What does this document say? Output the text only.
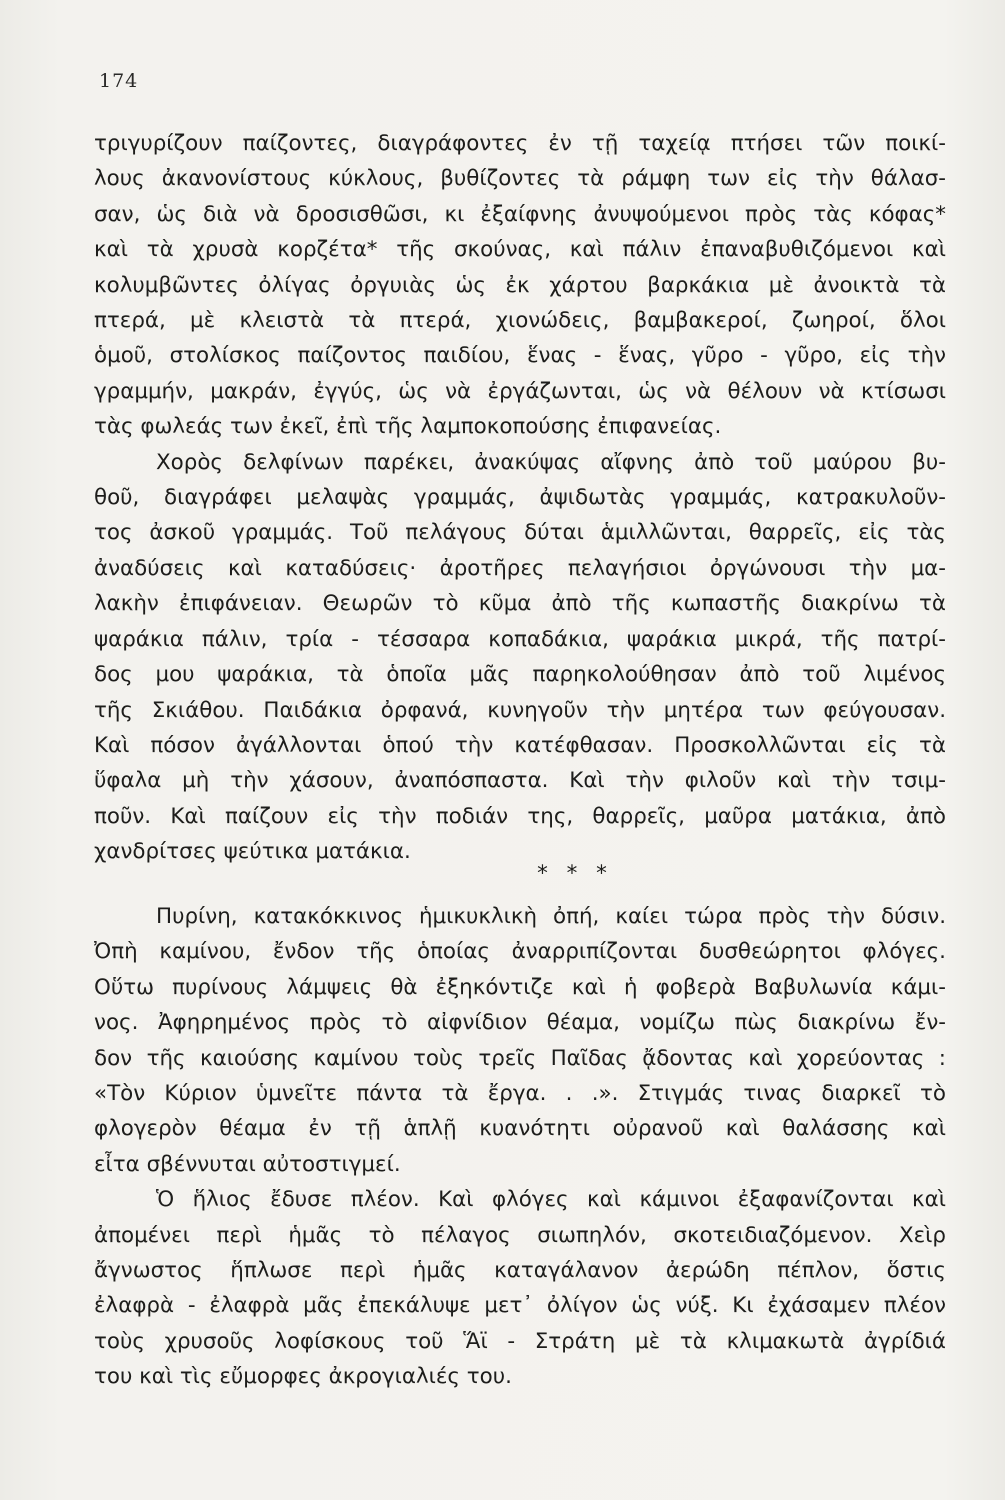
174
τριγυρίζουν παίζοντες, διαγράφοντες ἐν τῇ ταχείᾳ πτήσει τῶν ποικί-
λους ἀκανονίστους κύκλους, βυθίζοντες τὰ ράμφη των εἰς τὴν θάλασ-
σαν, ὡς διὰ νὰ δροσισθῶσι, κι ἐξαίφνης ἀνυψούμενοι πρὸς τὰς κόφας*
καὶ τὰ χρυσὰ κορζέτα* τῆς σκούνας, καὶ πάλιν ἐπαναβυθιζόμενοι καὶ
κολυμβῶντες ὀλίγας ὀργυιὰς ὡς ἐκ χάρτου βαρκάκια μὲ ἀνοικτὰ τὰ
πτερά, μὲ κλειστὰ τὰ πτερά, χιονώδεις, βαμβακεροί, ζωηροί, ὅλοι
ὁμοῦ, στολίσκος παίζοντος παιδίου, ἕνας - ἕνας, γῦρο - γῦρο, εἰς τὴν
γραμμήν, μακράν, ἐγγύς, ὡς νὰ ἐργάζωνται, ὡς νὰ θέλουν νὰ κτίσωσι
τὰς φωλεάς των ἐκεῖ, ἐπὶ τῆς λαμποκοπούσης ἐπιφανείας.
Χορὸς δελφίνων παρέκει, ἀνακύψας αἴφνης ἀπὸ τοῦ μαύρου βυ-
θοῦ, διαγράφει μελαψὰς γραμμάς, ἀψιδωτὰς γραμμάς, κατρακυλοῦν-
τος ἀσκοῦ γραμμάς. Τοῦ πελάγους δύται ἁμιλλῶνται, θαρρεῖς, εἰς τὰς
ἀναδύσεις καὶ καταδύσεις· ἀροτῆρες πελαγήσιοι ὀργώνουσι τὴν μα-
λακὴν ἐπιφάνειαν. Θεωρῶν τὸ κῦμα ἀπὸ τῆς κωπαστῆς διακρίνω τὰ
ψαράκια πάλιν, τρία - τέσσαρα κοπαδάκια, ψαράκια μικρά, τῆς πατρί-
δος μου ψαράκια, τὰ ὁποῖα μᾶς παρηκολούθησαν ἀπὸ τοῦ λιμένος
τῆς Σκιάθου. Παιδάκια ὀρφανά, κυνηγοῦν τὴν μητέρα των φεύγουσαν.
Καὶ πόσον ἀγάλλονται ὁπού τὴν κατέφθασαν. Προσκολλῶνται εἰς τὰ
ὕφαλα μὴ τὴν χάσουν, ἀναπόσπαστα. Καὶ τὴν φιλοῦν καὶ τὴν τσιμ-
ποῦν. Καὶ παίζουν εἰς τὴν ποδιάν της, θαρρεῖς, μαῦρα ματάκια, ἀπὸ
χανδρίτσες ψεύτικα ματάκια.
* * *
Πυρίνη, κατακόκκινος ἡμικυκλικὴ ὀπή, καίει τώρα πρὸς τὴν δύσιν.
Ὀπὴ καμίνου, ἔνδον τῆς ὁποίας ἀναρριπίζονται δυσθεώρητοι φλόγες.
Οὕτω πυρίνους λάμψεις θὰ ἐξηκόντιζε καὶ ἡ φοβερὰ Βαβυλωνία κάμι-
νος. Ἀφηρημένος πρὸς τὸ αἰφνίδιον θέαμα, νομίζω πὼς διακρίνω ἔν-
δον τῆς καιούσης καμίνου τοὺς τρεῖς Παῖδας ᾄδοντας καὶ χορεύοντας :
«Τὸν Κύριον ὑμνεῖτε πάντα τὰ ἔργα. . .». Στιγμάς τινας διαρκεῖ τὸ
φλογερὸν θέαμα ἐν τῇ ἁπλῇ κυανότητι οὐρανοῦ καὶ θαλάσσης καὶ
εἶτα σβέννυται αὐτοστιγμεί.
Ὁ ἥλιος ἔδυσε πλέον. Καὶ φλόγες καὶ κάμινοι ἐξαφανίζονται καὶ
ἀπομένει περὶ ἡμᾶς τὸ πέλαγος σιωπηλόν, σκοτειδιαζόμενον. Χεὶρ
ἄγνωστος ἥπλωσε περὶ ἡμᾶς καταγάλανον ἀερώδη πέπλον, ὅστις
ἐλαφρὰ - ἐλαφρὰ μᾶς ἐπεκάλυψε μετ᾽ ὀλίγον ὡς νύξ. Κι ἐχάσαμεν πλέον
τοὺς χρυσοῦς λοφίσκους τοῦ Ἅϊ - Στράτη μὲ τὰ κλιμακωτὰ ἀγρίδιά
του καὶ τὶς εὔμορφες ἀκρογιαλιές του.
